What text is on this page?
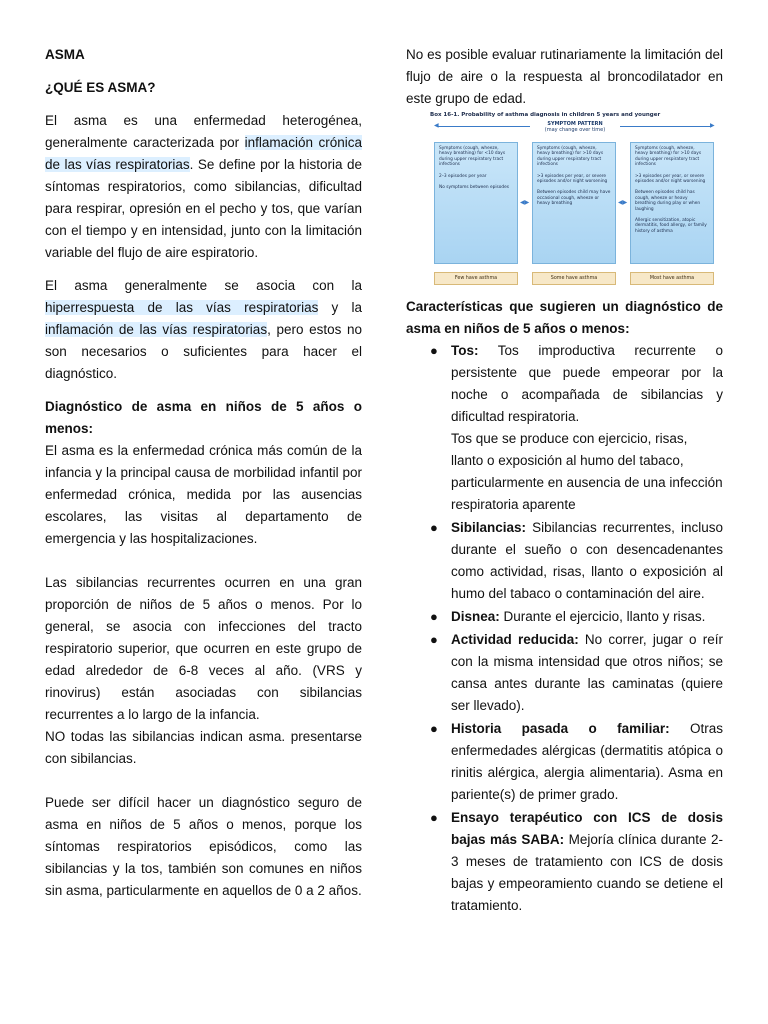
ASMA

¿QUÉ ES ASMA?

El asma es una enfermedad heterogénea, generalmente caracterizada por inflamación crónica de las vías respiratorias. Se define por la historia de síntomas respiratorios, como sibilancias, dificultad para respirar, opresión en el pecho y tos, que varían con el tiempo y en intensidad, junto con la limitación variable del flujo de aire espiratorio.

El asma generalmente se asocia con la hiperrespuesta de las vías respiratorias y la inflamación de las vías respiratorias, pero estos no son necesarios o suficientes para hacer el diagnóstico.

Diagnóstico de asma en niños de 5 años o menos:

El asma es la enfermedad crónica más común de la infancia y la principal causa de morbilidad infantil por enfermedad crónica, medida por las ausencias escolares, las visitas al departamento de emergencia y las hospitalizaciones.

Las sibilancias recurrentes ocurren en una gran proporción de niños de 5 años o menos. Por lo general, se asocia con infecciones del tracto respiratorio superior, que ocurren en este grupo de edad alrededor de 6-8 veces al año. (VRS y rinovirus) están asociadas con sibilancias recurrentes a lo largo de la infancia.

NO todas las sibilancias indican asma. presentarse con sibilancias.

Puede ser difícil hacer un diagnóstico seguro de asma en niños de 5 años o menos, porque los síntomas respiratorios episódicos, como las sibilancias y la tos, también son comunes en niños sin asma, particularmente en aquellos de 0 a 2 años.

No es posible evaluar rutinariamente la limitación del flujo de aire o la respuesta al broncodilatador en este grupo de edad.

Box 16-1. Probability of asthma diagnosis in children 5 years and younger
◀	▶
SYMPTOM PATTERN
(may change over time)
Symptoms (cough, wheeze, heavy breathing) for <10 days during upper respiratory tract infections
2–3 episodes per year
No symptoms between episodes
◀▶
Symptoms (cough, wheeze, heavy breathing) for >10 days during upper respiratory tract infections
>3 episodes per year, or severe episodes and/or night worsening
Between episodes child may have occasional cough, wheeze or heavy breathing	◀▶
Symptoms (cough, wheeze, heavy breathing) for >10 days during upper respiratory tract infections
>3 episodes per year, or severe episodes and/or night worsening
Between episodes child has cough, wheeze or heavy breathing during play or when laughing
Allergic sensitization, atopic dermatitis, food allergy, or family history of asthma
Few have asthma	Some have asthma	Most have asthma

Características que sugieren un diagnóstico de asma en niños de 5 años o menos:

● Tos: Tos improductiva recurrente o persistente que puede empeorar por la noche o acompañada de sibilancias y dificultad respiratoria.

Tos que se produce con ejercicio, risas, llanto o exposición al humo del tabaco, particularmente en ausencia de una infección respiratoria aparente

● Sibilancias: Sibilancias recurrentes, incluso durante el sueño o con desencadenantes como actividad, risas, llanto o exposición al humo del tabaco o contaminación del aire.

● Disnea: Durante el ejercicio, llanto y risas.

● Actividad reducida: No correr, jugar o reír con la misma intensidad que otros niños; se cansa antes durante las caminatas (quiere ser llevado).

● Historia pasada o familiar: Otras enfermedades alérgicas (dermatitis atópica o rinitis alérgica, alergia alimentaria). Asma en pariente(s) de primer grado.

● Ensayo terapéutico con ICS de dosis bajas más SABA: Mejoría clínica durante 2-3 meses de tratamiento con ICS de dosis bajas y empeoramiento cuando se detiene el tratamiento.
